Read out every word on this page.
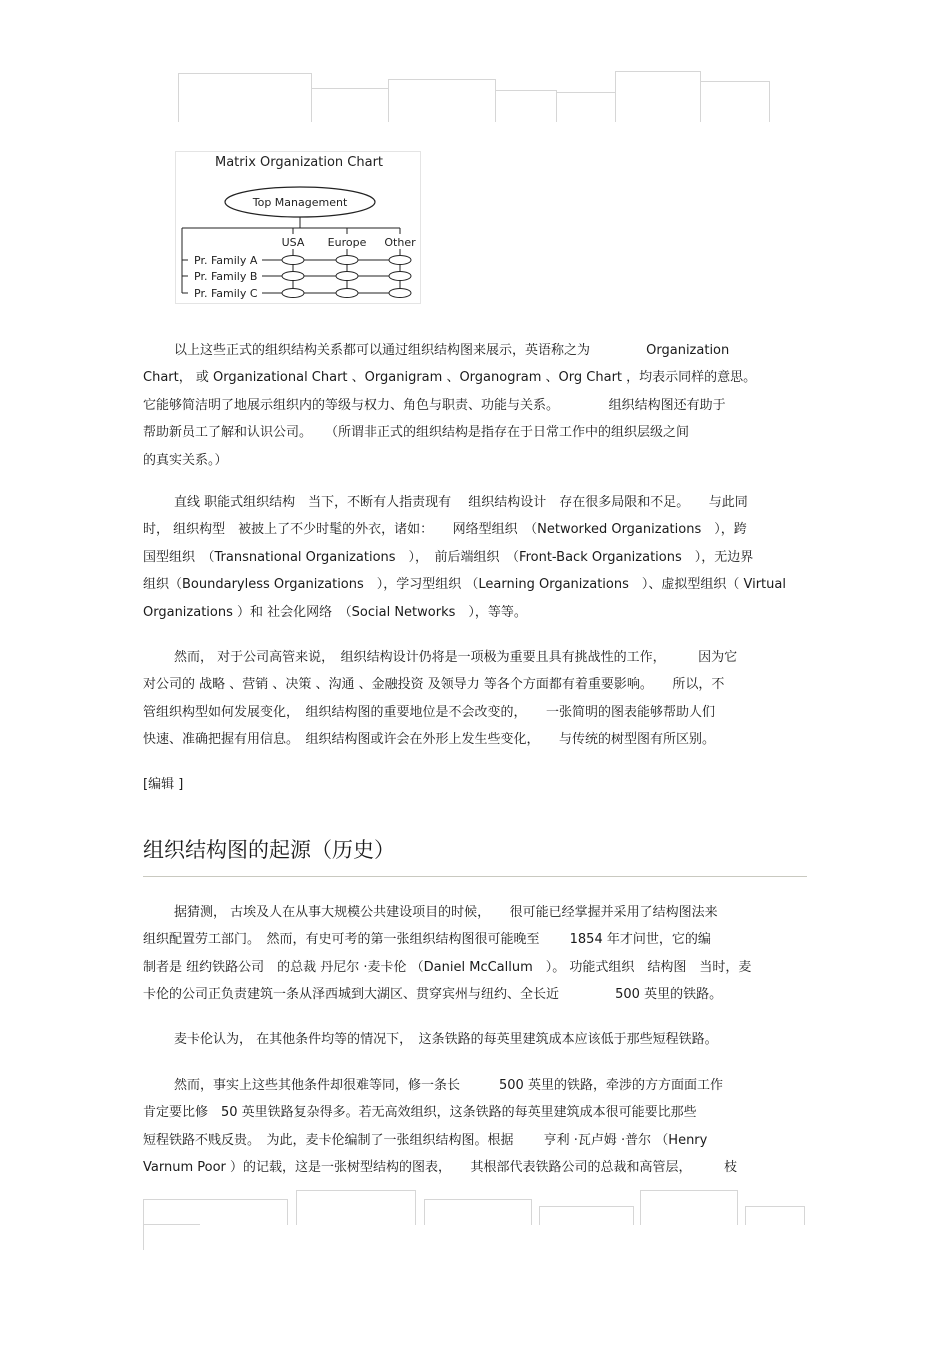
Matrix Organization Chart
Top Management
USA Europe Other
Pr. Family A
Pr. Family B
Pr. Family C
以上这些正式的组织结构关系都可以通过组织结构图来展示，英语称之为　　　　 Organization
Chart， 或 Organizational Chart 、Organigram 、Organogram 、Org Chart ，均表示同样的意思。
它能够简洁明了地展示组织内的等级与权力、角色与职责、功能与关系。　　　　 组织结构图还有助于
帮助新员工了解和认识公司。　　（所谓非正式的组织结构是指存在于日常工作中的组织层级之间
的真实关系。）
直线 职能式组织结构　当下，不断有人指责现有　 组织结构设计　存在很多局限和不足。　　与此同
时， 组织构型　被披上了不少时髦的外衣，诸如：　　网络型组织　（Networked Organizations　），跨
国型组织　（Transnational Organizations　），　前后端组织　（Front-Back Organizations　），无边界
组织（Boundaryless Organizations　），学习型组织 （Learning Organizations　）、虚拟型组织（ Virtual
Organizations ）和 社会化网络　（Social Networks　），等等。
然而， 对于公司高管来说，　组织结构设计仍将是一项极为重要且具有挑战性的工作，　　　因为它
对公司的 战略 、营销 、决策 、沟通 、金融投资 及领导力 等各个方面都有着重要影响。　　所以，不
管组织构型如何发展变化，　组织结构图的重要地位是不会改变的，　　一张简明的图表能够帮助人们
快速、准确把握有用信息。　组织结构图或许会在外形上发生些变化，　　与传统的树型图有所区别。
[编辑 ]
组织结构图的起源（历史）
据猜测， 古埃及人在从事大规模公共建设项目的时候，　　很可能已经掌握并采用了结构图法来
组织配置劳工部门。　然而，有史可考的第一张组织结构图很可能晚至　　 1854 年才问世，它的编
制者是 纽约铁路公司　的总裁 丹尼尔 ·麦卡伦 （Daniel McCallum　）。 功能式组织　结构图　当时，麦
卡伦的公司正负责建筑一条从泽西城到大湖区、贯穿宾州与纽约、全长近　　　　 500 英里的铁路。
麦卡伦认为， 在其他条件均等的情况下，　这条铁路的每英里建筑成本应该低于那些短程铁路。
然而，事实上这些其他条件却很难等同，修一条长　　　500 英里的铁路，牵涉的方方面面工作
肯定要比修　50 英里铁路复杂得多。若无高效组织，这条铁路的每英里建筑成本很可能要比那些
短程铁路不贱反贵。　为此，麦卡伦编制了一张组织结构图。根据　　 亨利 ·瓦卢姆 ·普尔 （Henry
Varnum Poor ）的记载，这是一张树型结构的图表，　　其根部代表铁路公司的总裁和高管层，　　　枝
